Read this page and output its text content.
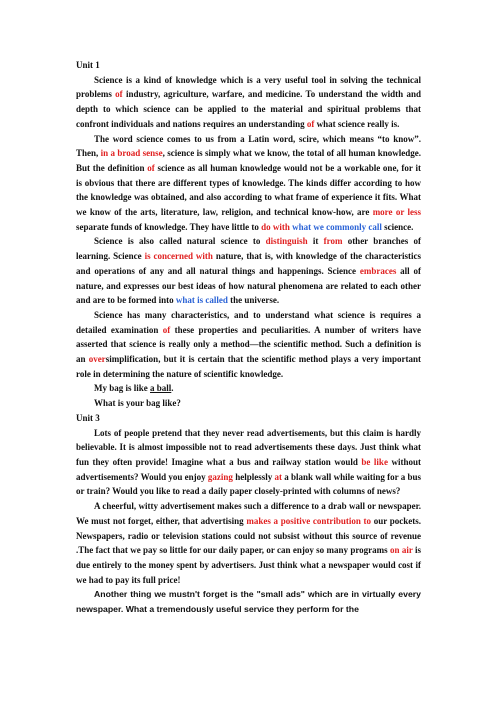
Unit 1

Science is a kind of knowledge which is a very useful tool in solving the technical problems of industry, agriculture, warfare, and medicine. To understand the width and depth to which science can be applied to the material and spiritual problems that confront individuals and nations requires an understanding of what science really is.

The word science comes to us from a Latin word, scire, which means “to know”. Then, in a broad sense, science is simply what we know, the total of all human knowledge. But the definition of science as all human knowledge would not be a workable one, for it is obvious that there are different types of knowledge. The kinds differ according to how the knowledge was obtained, and also according to what frame of experience it fits. What we know of the arts, literature, law, religion, and technical know-how, are more or less separate funds of knowledge. They have little to do with what we commonly call science.

Science is also called natural science to distinguish it from other branches of learning. Science is concerned with nature, that is, with knowledge of the characteristics and operations of any and all natural things and happenings. Science embraces all of nature, and expresses our best ideas of how natural phenomena are related to each other and are to be formed into what is called the universe.

Science has many characteristics, and to understand what science is requires a detailed examination of these properties and peculiarities. A number of writers have asserted that science is really only a method—the scientific method. Such a definition is an oversimplification, but it is certain that the scientific method plays a very important role in determining the nature of scientific knowledge.

My bag is like a ball.

What is your bag like?

Unit 3

Lots of people pretend that they never read advertisements, but this claim is hardly believable. It is almost impossible not to read advertisements these days. Just think what fun they often provide! Imagine what a bus and railway station would be like without advertisements? Would you enjoy gazing helplessly at a blank wall while waiting for a bus or train? Would you like to read a daily paper closely-printed with columns of news?

A cheerful, witty advertisement makes such a difference to a drab wall or newspaper. We must not forget, either, that advertising makes a positive contribution to our pockets. Newspapers, radio or television stations could not subsist without this source of revenue .The fact that we pay so little for our daily paper, or can enjoy so many programs on air is due entirely to the money spent by advertisers. Just think what a newspaper would cost if we had to pay its full price!

Another thing we mustn't forget is the "small ads" which are in virtually every newspaper. What a tremendously useful service they perform for the
